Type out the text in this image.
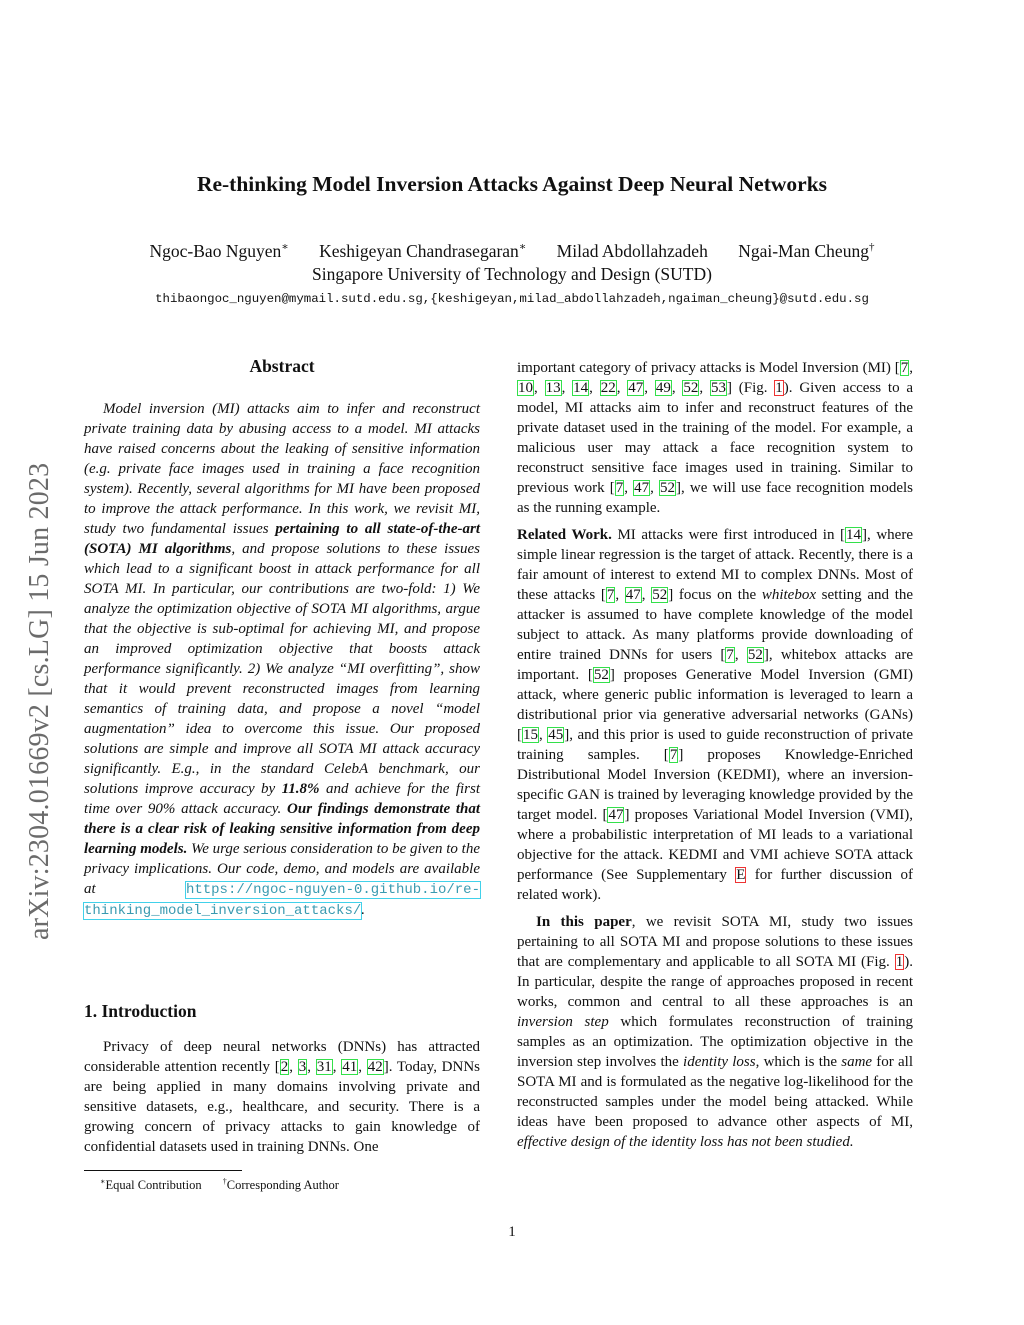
Re-thinking Model Inversion Attacks Against Deep Neural Networks
Ngoc-Bao Nguyen∗ Keshigeyan Chandrasegaran∗ Milad Abdollahzadeh Ngai-Man Cheung†
Singapore University of Technology and Design (SUTD)
thibaongoc_nguyen@mymail.sutd.edu.sg,{keshigeyan,milad_abdollahzadeh,ngaiman_cheung}@sutd.edu.sg
arXiv:2304.01669v2 [cs.LG] 15 Jun 2023
Abstract

Model inversion (MI) attacks aim to infer and reconstruct private training data by abusing access to a model. MI attacks have raised concerns about the leaking of sensitive information (e.g. private face images used in training a face recognition system). Recently, several algorithms for MI have been proposed to improve the attack performance. In this work, we revisit MI, study two fundamental issues pertaining to all state-of-the-art (SOTA) MI algorithms, and propose solutions to these issues which lead to a significant boost in attack performance for all SOTA MI. In particular, our contributions are two-fold: 1) We analyze the optimization objective of SOTA MI algorithms, argue that the objective is sub-optimal for achieving MI, and propose an improved optimization objective that boosts attack performance significantly. 2) We analyze “MI overfitting”, show that it would prevent reconstructed images from learning semantics of training data, and propose a novel “model augmentation” idea to overcome this issue. Our proposed solutions are simple and improve all SOTA MI attack accuracy significantly. E.g., in the standard CelebA benchmark, our solutions improve accuracy by 11.8% and achieve for the first time over 90% attack accuracy. Our findings demonstrate that there is a clear risk of leaking sensitive information from deep learning models. We urge serious consideration to be given to the privacy implications. Our code, demo, and models are available at https://ngoc-nguyen-0.github.io/re-thinking_model_inversion_attacks/.

1. Introduction

Privacy of deep neural networks (DNNs) has attracted considerable attention recently [2, 3, 31, 41, 42]. Today, DNNs are being applied in many domains involving private and sensitive datasets, e.g., healthcare, and security. There is a growing concern of privacy attacks to gain knowledge of confidential datasets used in training DNNs. One

∗Equal Contribution	†Corresponding Author

important category of privacy attacks is Model Inversion (MI) [7, 10, 13, 14, 22, 47, 49, 52, 53] (Fig. 1). Given access to a model, MI attacks aim to infer and reconstruct features of the private dataset used in the training of the model. For example, a malicious user may attack a face recognition system to reconstruct sensitive face images used in training. Similar to previous work [7, 47, 52], we will use face recognition models as the running example.

Related Work. MI attacks were first introduced in [14], where simple linear regression is the target of attack. Recently, there is a fair amount of interest to extend MI to complex DNNs. Most of these attacks [7, 47, 52] focus on the whitebox setting and the attacker is assumed to have complete knowledge of the model subject to attack. As many platforms provide downloading of entire trained DNNs for users [7, 52], whitebox attacks are important. [52] proposes Generative Model Inversion (GMI) attack, where generic public information is leveraged to learn a distributional prior via generative adversarial networks (GANs) [15, 45], and this prior is used to guide reconstruction of private training samples. [7] proposes Knowledge-Enriched Distributional Model Inversion (KEDMI), where an inversion-specific GAN is trained by leveraging knowledge provided by the target model. [47] proposes Variational Model Inversion (VMI), where a probabilistic interpretation of MI leads to a variational objective for the attack. KEDMI and VMI achieve SOTA attack performance (See Supplementary E for further discussion of related work).

In this paper, we revisit SOTA MI, study two issues pertaining to all SOTA MI and propose solutions to these issues that are complementary and applicable to all SOTA MI (Fig. 1). In particular, despite the range of approaches proposed in recent works, common and central to all these approaches is an inversion step which formulates reconstruction of training samples as an optimization. The optimization objective in the inversion step involves the identity loss, which is the same for all SOTA MI and is formulated as the negative log-likelihood for the reconstructed samples under the model being attacked. While ideas have been proposed to advance other aspects of MI, effective design of the identity loss has not been studied.

1
